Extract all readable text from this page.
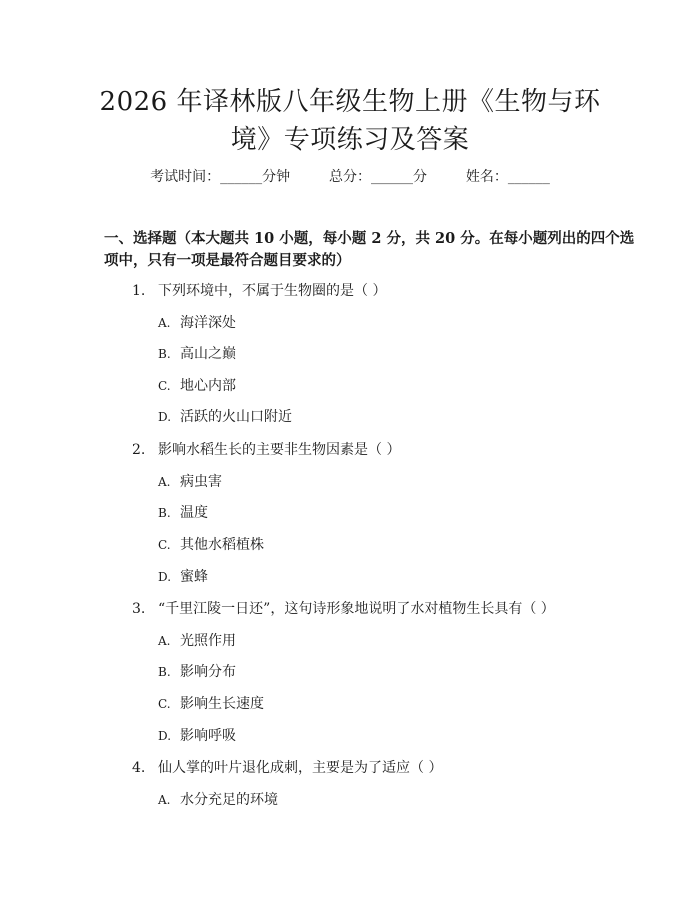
2026 年译林版八年级生物上册《生物与环
境》专项练习及答案
考试时间：______分钟	总分：______分	姓名：______

一、选择题（本大题共 10 小题，每小题 2 分，共 20 分。在每小题列出的四个选

项中，只有一项是最符合题目要求的）

1. 下列环境中，不属于生物圈的是（ ）
A. 海洋深处
B. 高山之巅
C. 地心内部
D. 活跃的火山口附近
2. 影响水稻生长的主要非生物因素是（ ）
A. 病虫害
B. 温度
C. 其他水稻植株
D. 蜜蜂
3. “千里江陵一日还”，这句诗形象地说明了水对植物生长具有（ ）
A. 光照作用
B. 影响分布
C. 影响生长速度
D. 影响呼吸
4. 仙人掌的叶片退化成刺，主要是为了适应（ ）
A. 水分充足的环境
